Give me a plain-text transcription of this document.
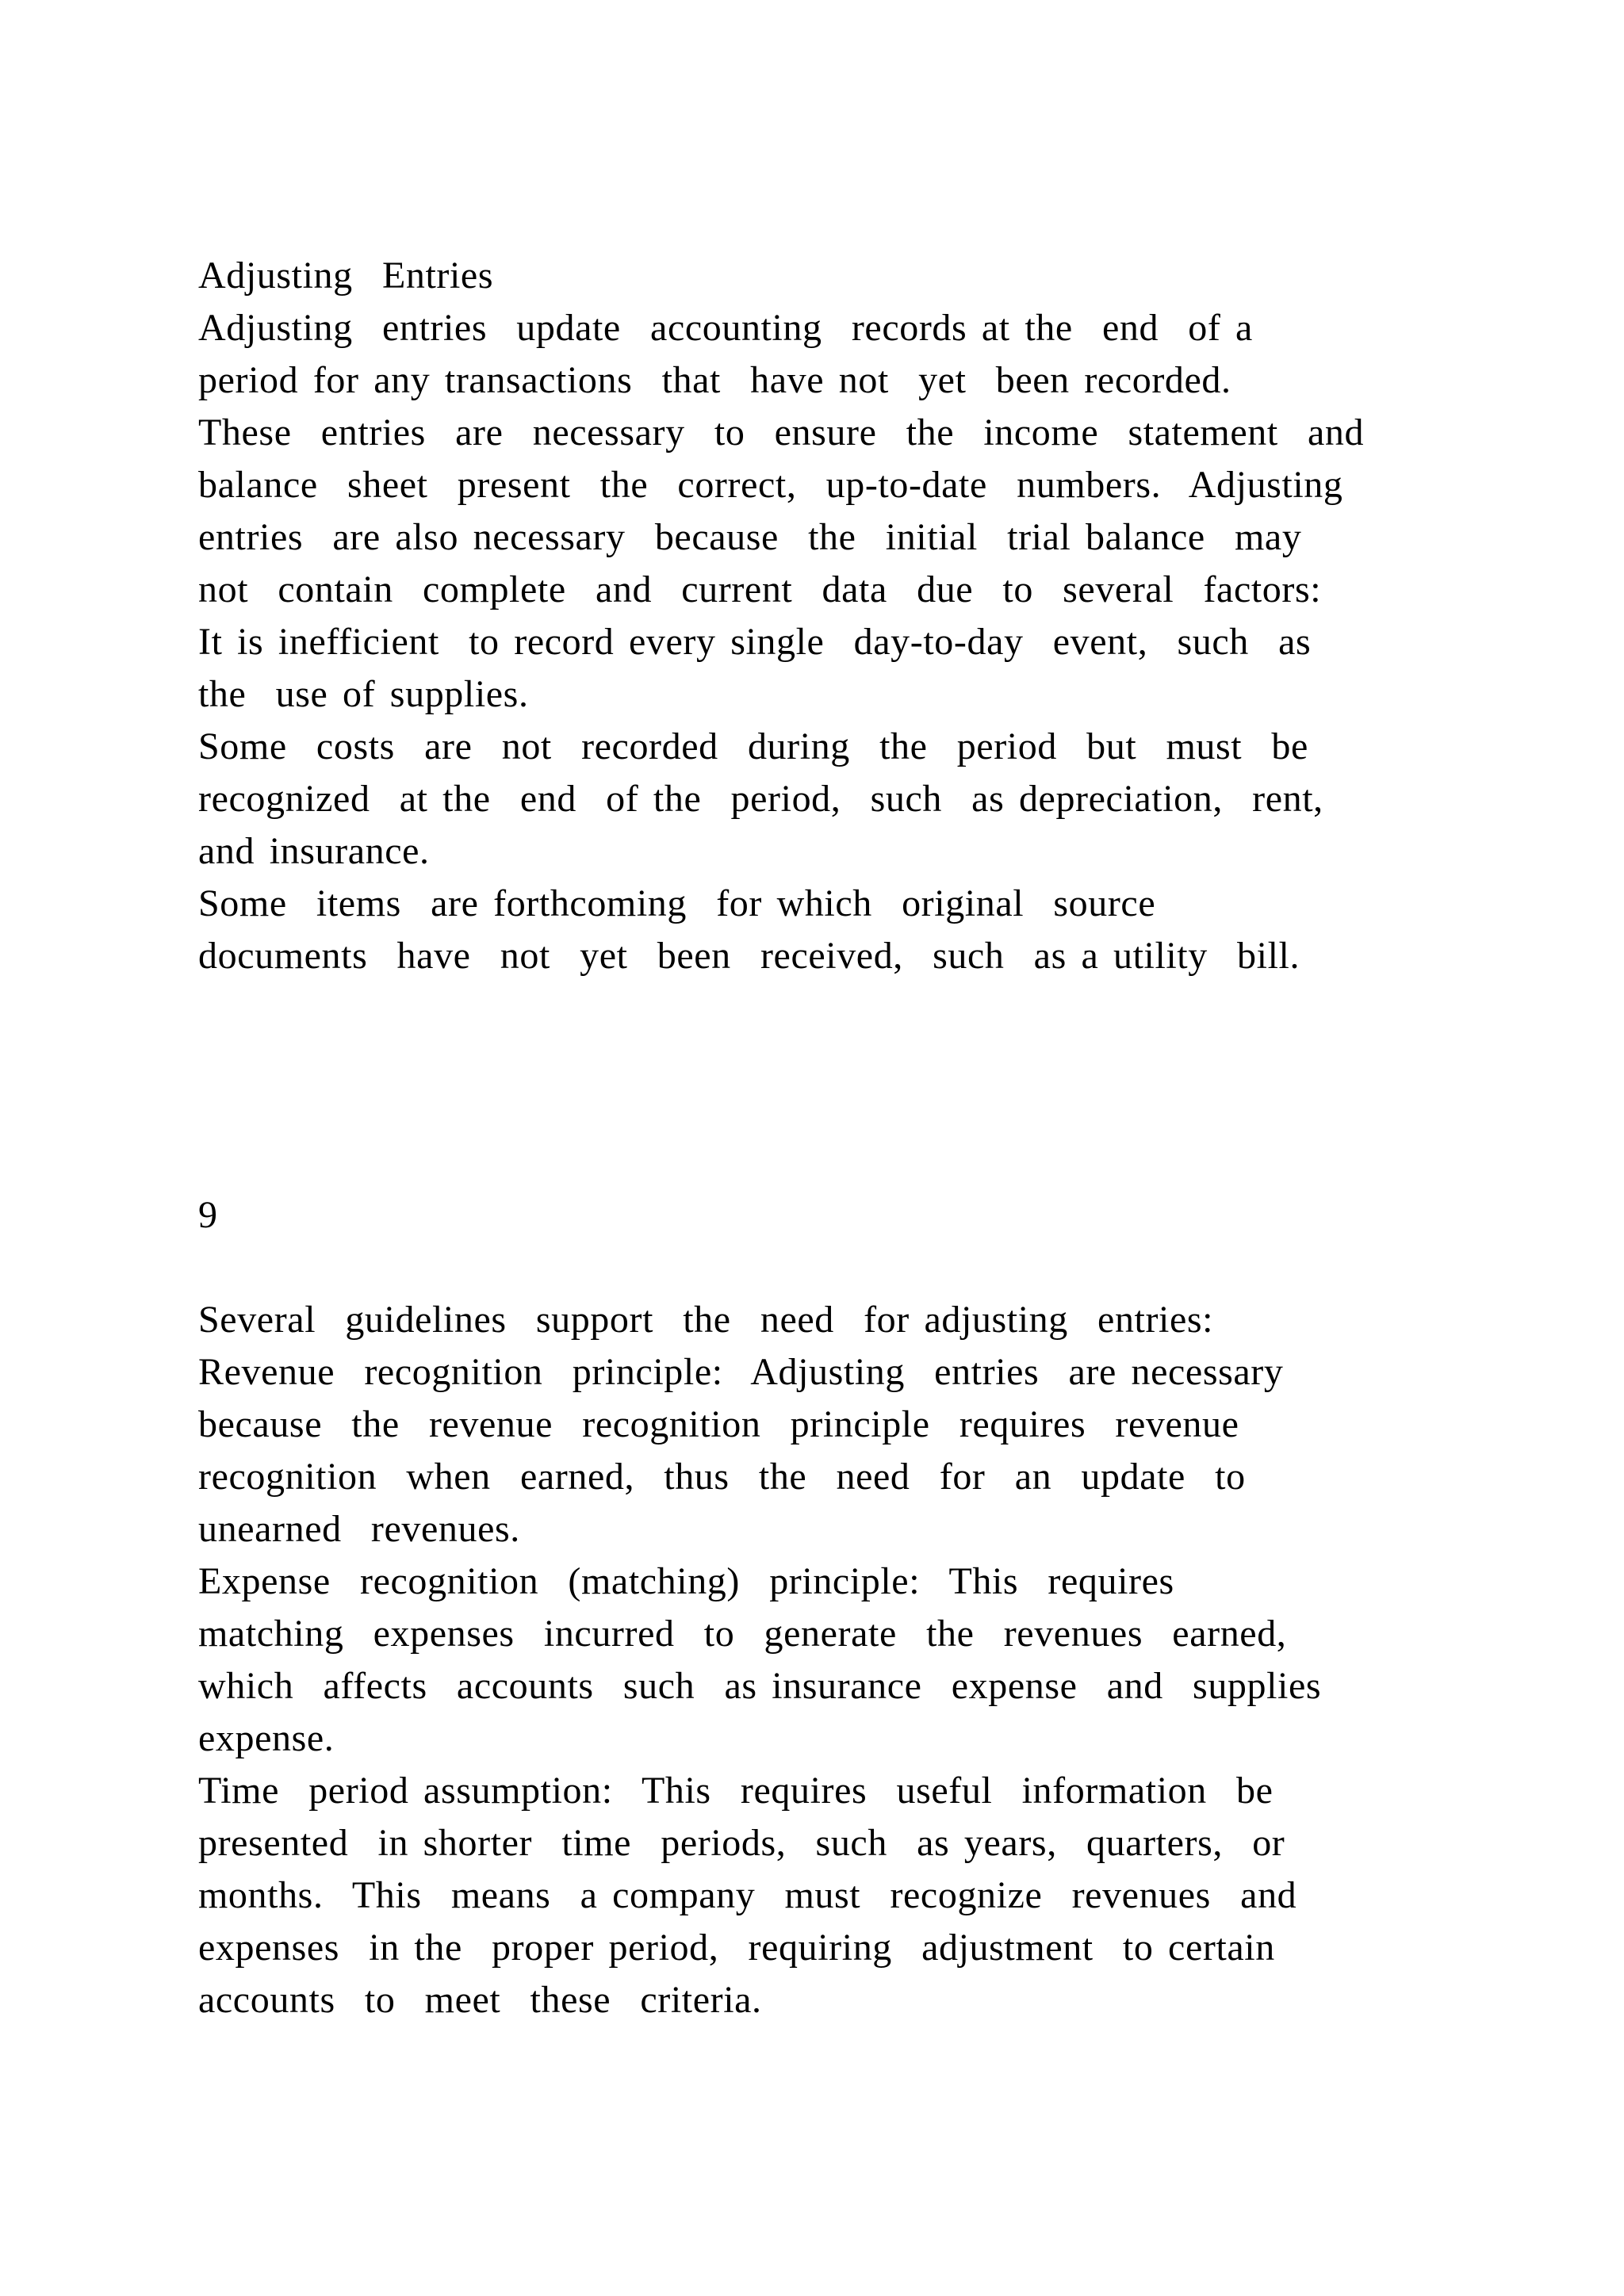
Adjusting  Entries

Adjusting  entries  update  accounting  records at the  end  of a

period for any transactions  that  have not  yet  been recorded.

These  entries  are  necessary  to  ensure  the  income  statement  and

balance  sheet  present  the  correct,  up-to-date  numbers.  Adjusting

entries  are also necessary  because  the  initial  trial balance  may

not  contain  complete  and  current  data  due  to  several  factors:

It is inefficient  to record every single  day-to-day  event,  such  as

the  use of supplies.

Some  costs  are  not  recorded  during  the  period  but  must  be

recognized  at the  end  of the  period,  such  as depreciation,  rent,

and insurance.

Some  items  are forthcoming  for which  original  source

documents  have  not  yet  been  received,  such  as a utility  bill.

9

Several  guidelines  support  the  need  for adjusting  entries:

Revenue  recognition  principle:  Adjusting  entries  are necessary

because  the  revenue  recognition  principle  requires  revenue

recognition  when  earned,  thus  the  need  for  an  update  to

unearned  revenues.

Expense  recognition  (matching)  principle:  This  requires

matching  expenses  incurred  to  generate  the  revenues  earned,

which  affects  accounts  such  as insurance  expense  and  supplies

expense.

Time  period assumption:  This  requires  useful  information  be

presented  in shorter  time  periods,  such  as years,  quarters,  or

months.  This  means  a company  must  recognize  revenues  and

expenses  in the  proper period,  requiring  adjustment  to certain

accounts  to  meet  these  criteria.
